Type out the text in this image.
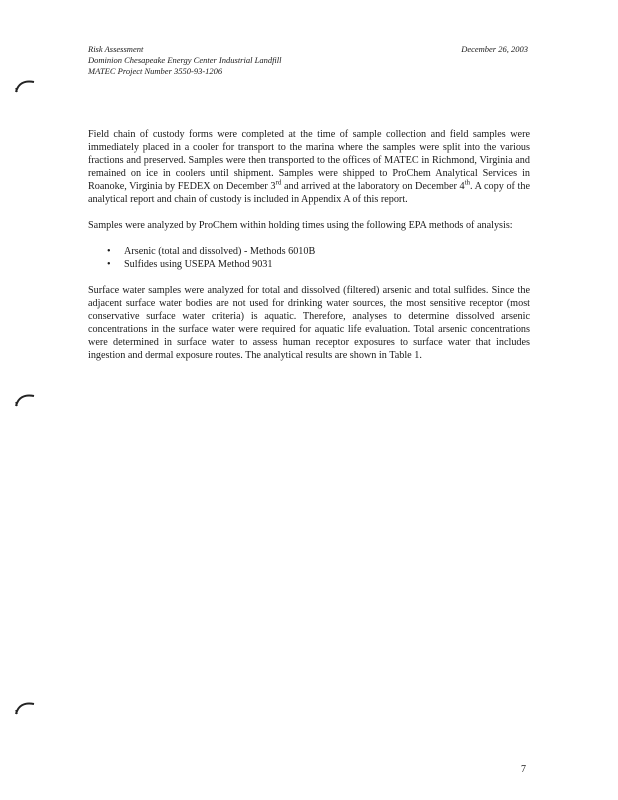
Risk Assessment	December 26, 2003
Dominion Chesapeake Energy Center Industrial Landfill
MATEC Project Number 3550-93-1206

Field chain of custody forms were completed at the time of sample collection and field samples were immediately placed in a cooler for transport to the marina where the samples were split into the various fractions and preserved. Samples were then transported to the offices of MATEC in Richmond, Virginia and remained on ice in coolers until shipment. Samples were shipped to ProChem Analytical Services in Roanoke, Virginia by FEDEX on December 3rd and arrived at the laboratory on December 4th. A copy of the analytical report and chain of custody is included in Appendix A of this report.

Samples were analyzed by ProChem within holding times using the following EPA methods of analysis:

• Arsenic (total and dissolved) - Methods 6010B
• Sulfides using USEPA Method 9031

Surface water samples were analyzed for total and dissolved (filtered) arsenic and total sulfides. Since the adjacent surface water bodies are not used for drinking water sources, the most sensitive receptor (most conservative surface water criteria) is aquatic. Therefore, analyses to determine dissolved arsenic concentrations in the surface water were required for aquatic life evaluation. Total arsenic concentrations were determined in surface water to assess human receptor exposures to surface water that includes ingestion and dermal exposure routes. The analytical results are shown in Table 1.

7
